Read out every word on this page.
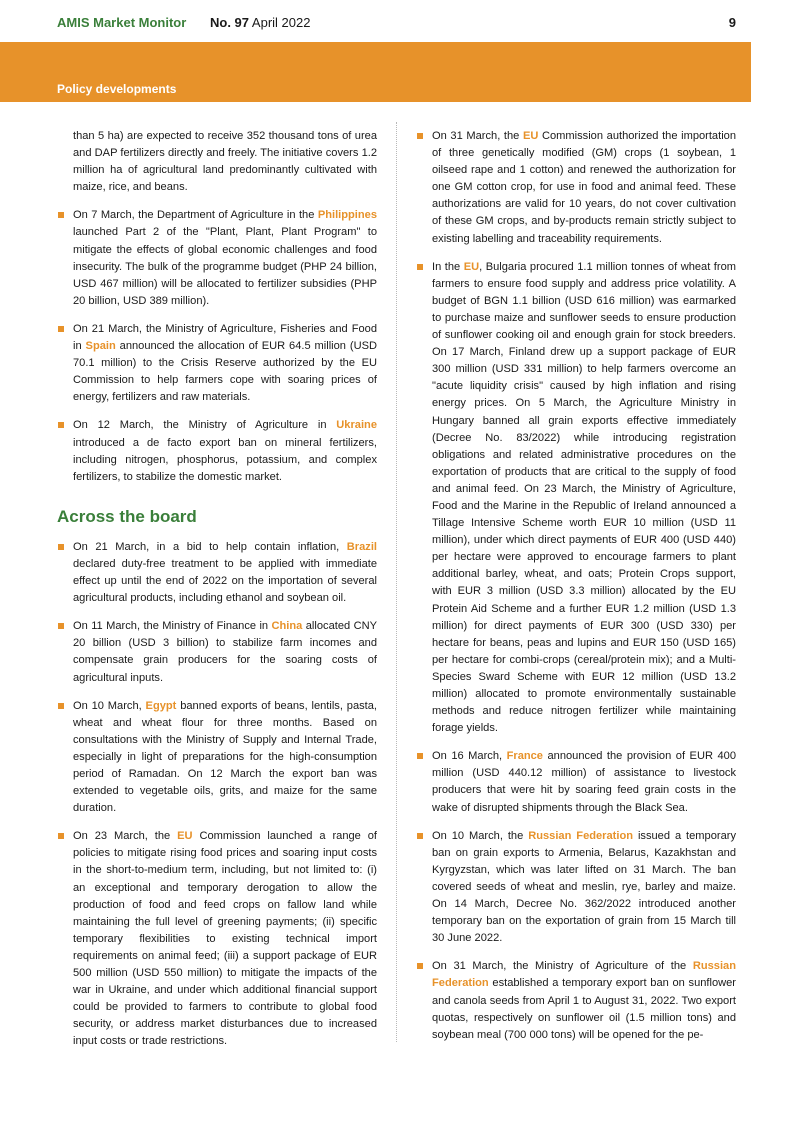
AMIS Market Monitor No. 97 April 2022	9
Policy developments

than 5 ha) are expected to receive 352 thousand tons of urea and DAP fertilizers directly and freely. The initiative covers 1.2 million ha of agricultural land predominantly cultivated with maize, rice, and beans.

On 7 March, the Department of Agriculture in the Philippines launched Part 2 of the "Plant, Plant, Plant Program" to mitigate the effects of global economic challenges and food insecurity. The bulk of the programme budget (PHP 24 billion, USD 467 million) will be allocated to fertilizer subsidies (PHP 20 billion, USD 389 million).

On 21 March, the Ministry of Agriculture, Fisheries and Food in Spain announced the allocation of EUR 64.5 million (USD 70.1 million) to the Crisis Reserve authorized by the EU Commission to help farmers cope with soaring prices of energy, fertilizers and raw materials.

On 12 March, the Ministry of Agriculture in Ukraine introduced a de facto export ban on mineral fertilizers, including nitrogen, phosphorus, potassium, and complex fertilizers, to stabilize the domestic market.

Across the board

On 21 March, in a bid to help contain inflation, Brazil declared duty-free treatment to be applied with immediate effect up until the end of 2022 on the importation of several agricultural products, including ethanol and soybean oil.

On 11 March, the Ministry of Finance in China allocated CNY 20 billion (USD 3 billion) to stabilize farm incomes and compensate grain producers for the soaring costs of agricultural inputs.

On 10 March, Egypt banned exports of beans, lentils, pasta, wheat and wheat flour for three months. Based on consultations with the Ministry of Supply and Internal Trade, especially in light of preparations for the high-consumption period of Ramadan. On 12 March the export ban was extended to vegetable oils, grits, and maize for the same duration.

On 23 March, the EU Commission launched a range of policies to mitigate rising food prices and soaring input costs in the short-to-medium term, including, but not limited to: (i) an exceptional and temporary derogation to allow the production of food and feed crops on fallow land while maintaining the full level of greening payments; (ii) specific temporary flexibilities to existing technical import requirements on animal feed; (iii) a support package of EUR 500 million (USD 550 million) to mitigate the impacts of the war in Ukraine, and under which additional financial support could be provided to farmers to contribute to global food security, or address market disturbances due to increased input costs or trade restrictions.

On 31 March, the EU Commission authorized the importation of three genetically modified (GM) crops (1 soybean, 1 oilseed rape and 1 cotton) and renewed the authorization for one GM cotton crop, for use in food and animal feed. These authorizations are valid for 10 years, do not cover cultivation of these GM crops, and by-products remain strictly subject to existing labelling and traceability requirements.

In the EU, Bulgaria procured 1.1 million tonnes of wheat from farmers to ensure food supply and address price volatility. A budget of BGN 1.1 billion (USD 616 million) was earmarked to purchase maize and sunflower seeds to ensure production of sunflower cooking oil and enough grain for stock breeders. On 17 March, Finland drew up a support package of EUR 300 million (USD 331 million) to help farmers overcome an "acute liquidity crisis" caused by high inflation and rising energy prices. On 5 March, the Agriculture Ministry in Hungary banned all grain exports effective immediately (Decree No. 83/2022) while introducing registration obligations and related administrative procedures on the exportation of products that are critical to the supply of food and animal feed. On 23 March, the Ministry of Agriculture, Food and the Marine in the Republic of Ireland announced a Tillage Intensive Scheme worth EUR 10 million (USD 11 million), under which direct payments of EUR 400 (USD 440) per hectare were approved to encourage farmers to plant additional barley, wheat, and oats; Protein Crops support, with EUR 3 million (USD 3.3 million) allocated by the EU Protein Aid Scheme and a further EUR 1.2 million (USD 1.3 million) for direct payments of EUR 300 (USD 330) per hectare for beans, peas and lupins and EUR 150 (USD 165) per hectare for combi-crops (cereal/protein mix); and a Multi-Species Sward Scheme with EUR 12 million (USD 13.2 million) allocated to promote environmentally sustainable methods and reduce nitrogen fertilizer while maintaining forage yields.

On 16 March, France announced the provision of EUR 400 million (USD 440.12 million) of assistance to livestock producers that were hit by soaring feed grain costs in the wake of disrupted shipments through the Black Sea.

On 10 March, the Russian Federation issued a temporary ban on grain exports to Armenia, Belarus, Kazakhstan and Kyrgyzstan, which was later lifted on 31 March. The ban covered seeds of wheat and meslin, rye, barley and maize. On 14 March, Decree No. 362/2022 introduced another temporary ban on the exportation of grain from 15 March till 30 June 2022.

On 31 March, the Ministry of Agriculture of the Russian Federation established a temporary export ban on sunflower and canola seeds from April 1 to August 31, 2022. Two export quotas, respectively on sunflower oil (1.5 million tons) and soybean meal (700 000 tons) will be opened for the pe-
